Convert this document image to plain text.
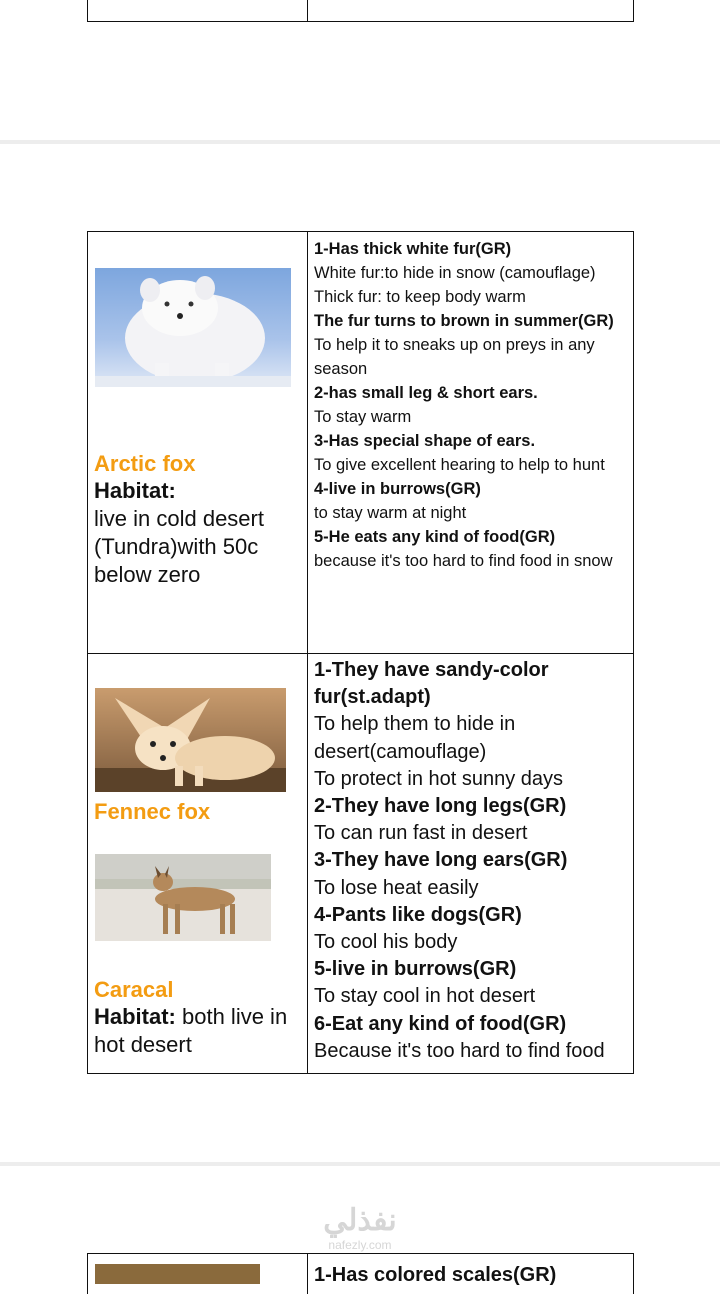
Arctic fox
Habitat:
live in cold desert (Tundra)with 50c below zero

1-Has thick white fur(GR)

White fur:to hide in snow (camouflage)

Thick fur: to keep body warm

The fur turns to brown in summer(GR)

To help it to sneaks up on preys in any season

2-has small leg & short ears.

To stay warm

3-Has special shape of ears.

To give excellent hearing to help to hunt

4-live in burrows(GR)

to stay warm at night

5-He eats any kind of food(GR)

because it's too hard to find food in snow

Fennec fox
Caracal
Habitat: both live in hot desert

1-They have sandy-color fur(st.adapt)

To help them to hide in desert(camouflage)

To protect in hot sunny days

2-They have long legs(GR)

To can run fast in desert

3-They have long ears(GR)

To lose heat easily

4-Pants like dogs(GR)

To cool his body

5-live in burrows(GR)

To stay cool in hot desert

6-Eat any kind of food(GR)

Because it's too hard to find food

نفذلي
nafezly.com
1-Has colored scales(GR)
